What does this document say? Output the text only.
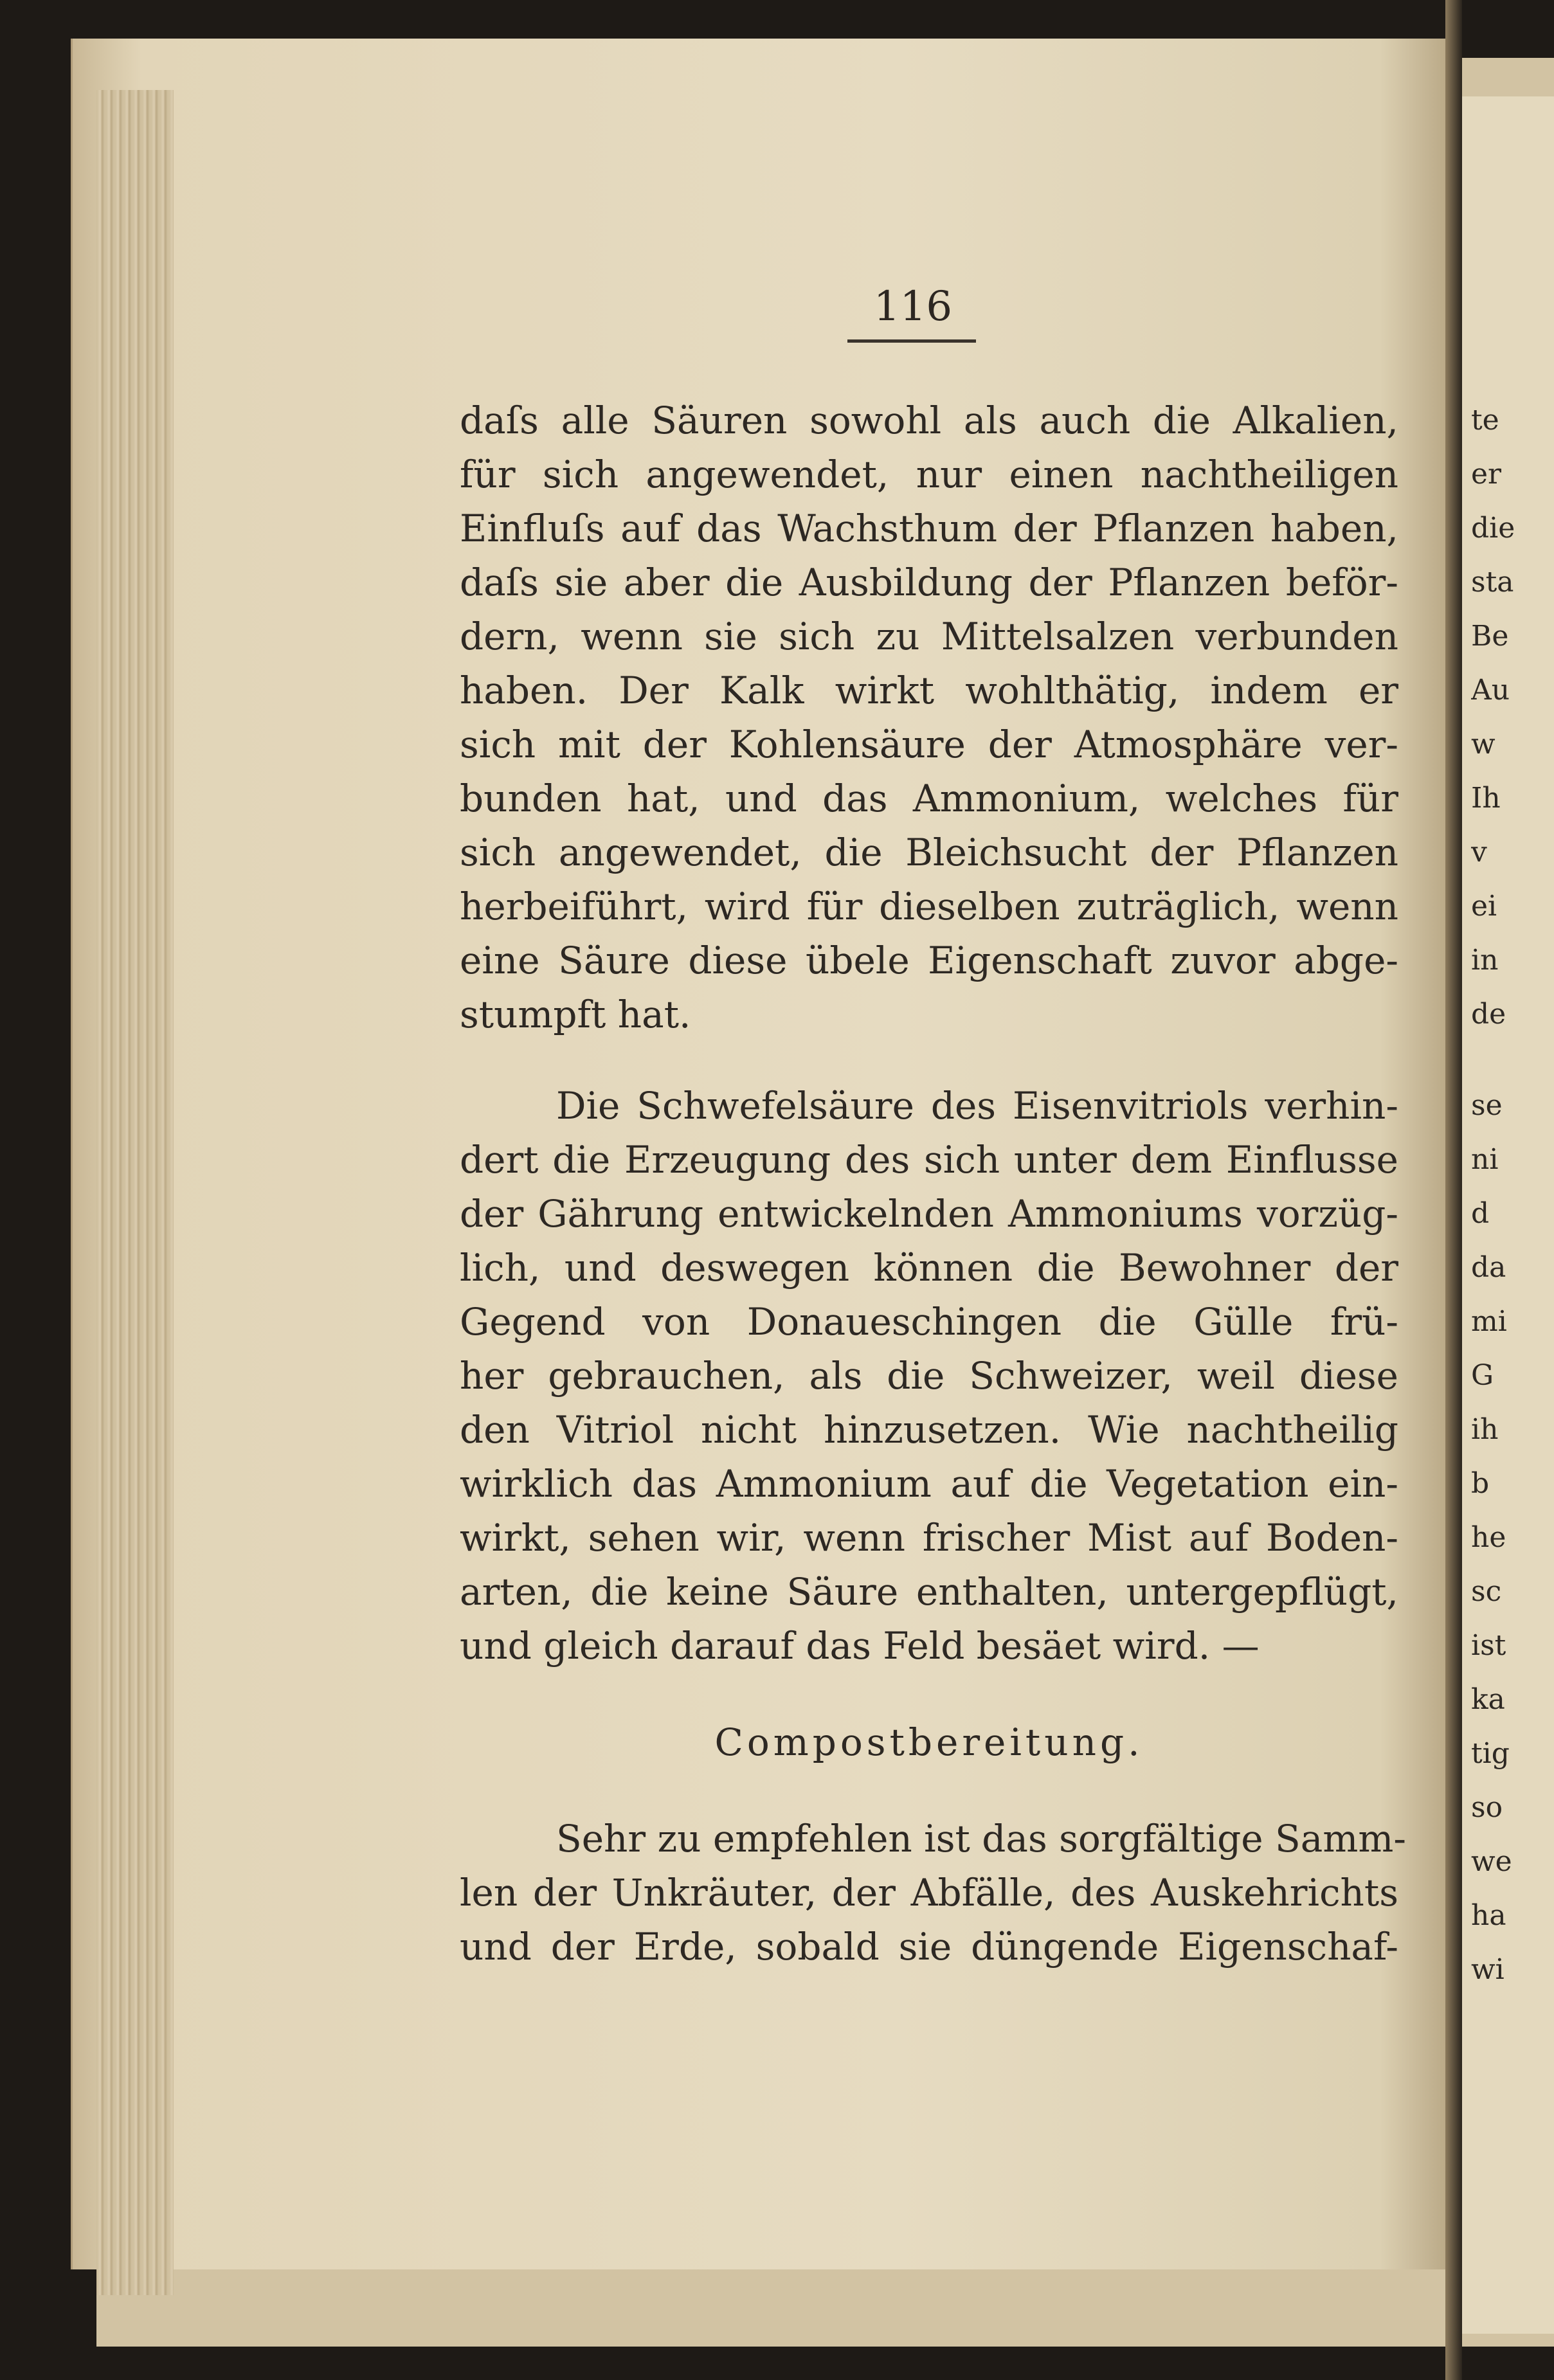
116
daſs alle Säuren sowohl als auch die Alkalien,
für sich angewendet, nur einen nachtheiligen
Einfluſs auf das Wachsthum der Pflanzen haben,
daſs sie aber die Ausbildung der Pflanzen beför-
dern, wenn sie sich zu Mittelsalzen verbunden
haben. Der Kalk wirkt wohlthätig, indem er
sich mit der Kohlensäure der Atmosphäre ver-
bunden hat, und das Ammonium, welches für
sich angewendet, die Bleichsucht der Pflanzen
herbeiführt, wird für dieselben zuträglich, wenn
eine Säure diese übele Eigenschaft zuvor abge-
stumpft hat.
Die Schwefelsäure des Eisenvitriols verhin-
dert die Erzeugung des sich unter dem Einflusse
der Gährung entwickelnden Ammoniums vorzüg-
lich, und deswegen können die Bewohner der
Gegend von Donaueschingen die Gülle frü-
her gebrauchen, als die Schweizer, weil diese
den Vitriol nicht hinzusetzen. Wie nachtheilig
wirklich das Ammonium auf die Vegetation ein-
wirkt, sehen wir, wenn frischer Mist auf Boden-
arten, die keine Säure enthalten, untergepflügt,
und gleich darauf das Feld besäet wird. —
Compostbereitung.
Sehr zu empfehlen ist das sorgfältige Samm-
len der Unkräuter, der Abfälle, des Auskehrichts
und der Erde, sobald sie düngende Eigenschaf-
te
er
die
sta
Be
Au
w
Ih
v
ei
in
de
se
ni
d
da
mi
G
ih
b
he
sc
ist
ka
tig
so
we
ha
wi
